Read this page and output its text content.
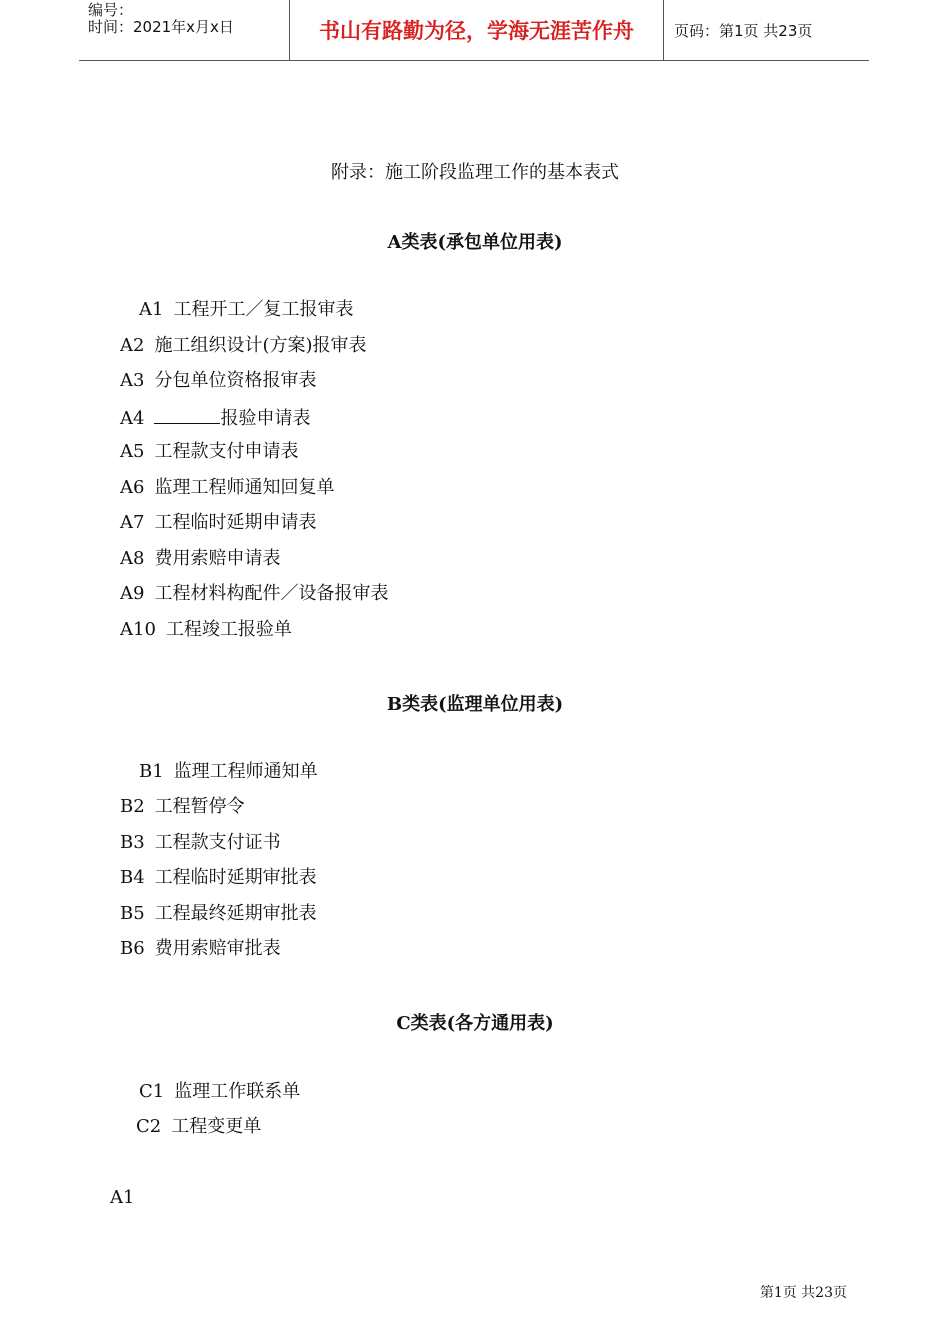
编号：
时间：2021年x月x日	书山有路勤为径，学海无涯苦作舟	页码：第1页 共23页
附录：施工阶段监理工作的基本表式
A类表(承包单位用表)
A1 工程开工／复工报审表
A2 施工组织设计(方案)报审表
A3 分包单位资格报审表
A4	报验申请表
A5 工程款支付申请表
A6 监理工程师通知回复单
A7 工程临时延期申请表
A8 费用索赔申请表
A9 工程材料构配件／设备报审表
A10 工程竣工报验单
B类表(监理单位用表)
B1 监理工程师通知单
B2 工程暂停令
B3 工程款支付证书
B4 工程临时延期审批表
B5 工程最终延期审批表
B6 费用索赔审批表
C类表(各方通用表)
C1 监理工作联系单
C2 工程变更单
A1
第1页 共23页
